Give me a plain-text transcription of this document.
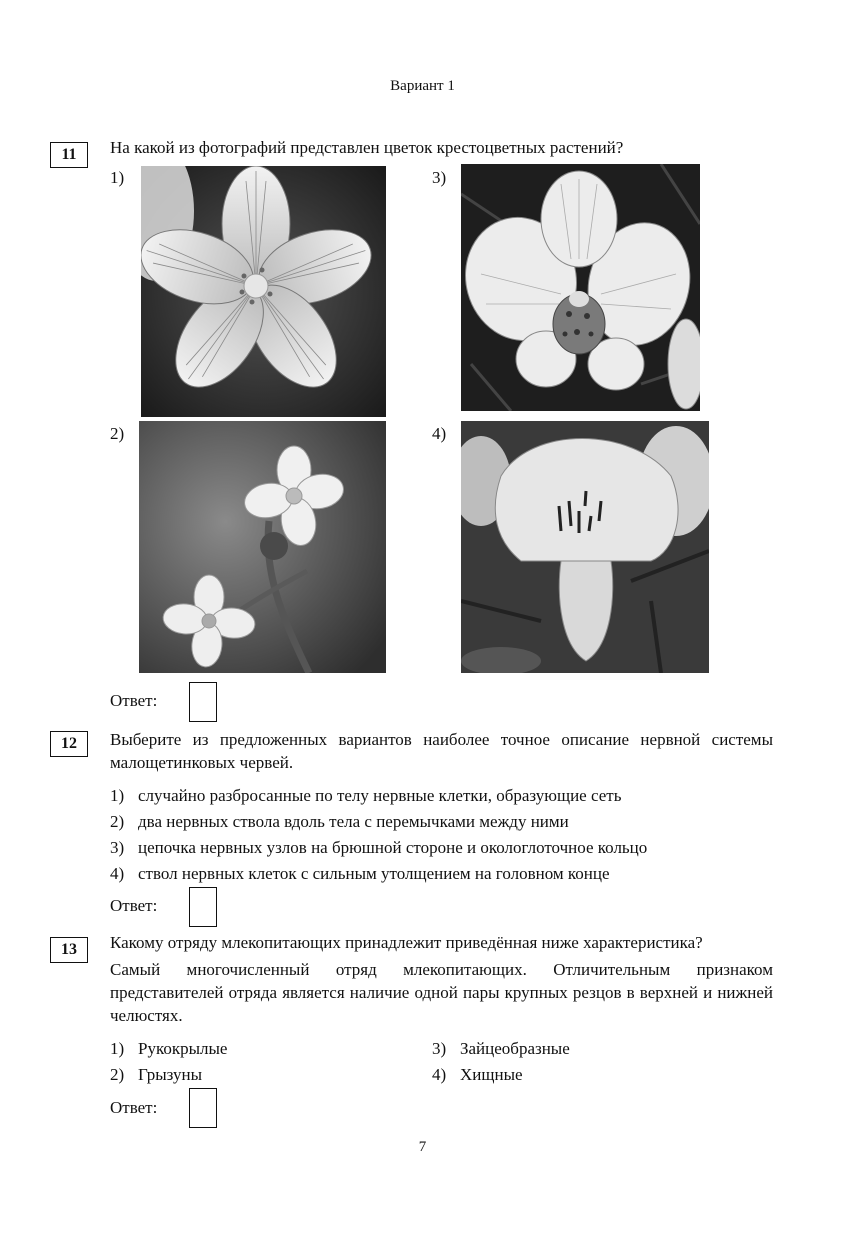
Вариант 1
11	На какой из фотографий представлен цветок крестоцветных растений?
1)
2)
3)
4)
Ответ:
12	Выберите из предложенных вариантов наиболее точное описание нервной системы малощетинковых червей.
1) случайно разбросанные по телу нервные клетки, образующие сеть
2) два нервных ствола вдоль тела с перемычками между ними
3) цепочка нервных узлов на брюшной стороне и окологлоточное кольцо
4) ствол нервных клеток с сильным утолщением на головном конце
Ответ:
13	Какому отряду млекопитающих принадлежит приведённая ниже характеристика?
Самый многочисленный отряд млекопитающих. Отличительным признаком представителей отряда является наличие одной пары крупных резцов в верхней и нижней челюстях.
1) Рукокрылые
2) Грызуны
3) Зайцеобразные
4) Хищные
Ответ:
7
